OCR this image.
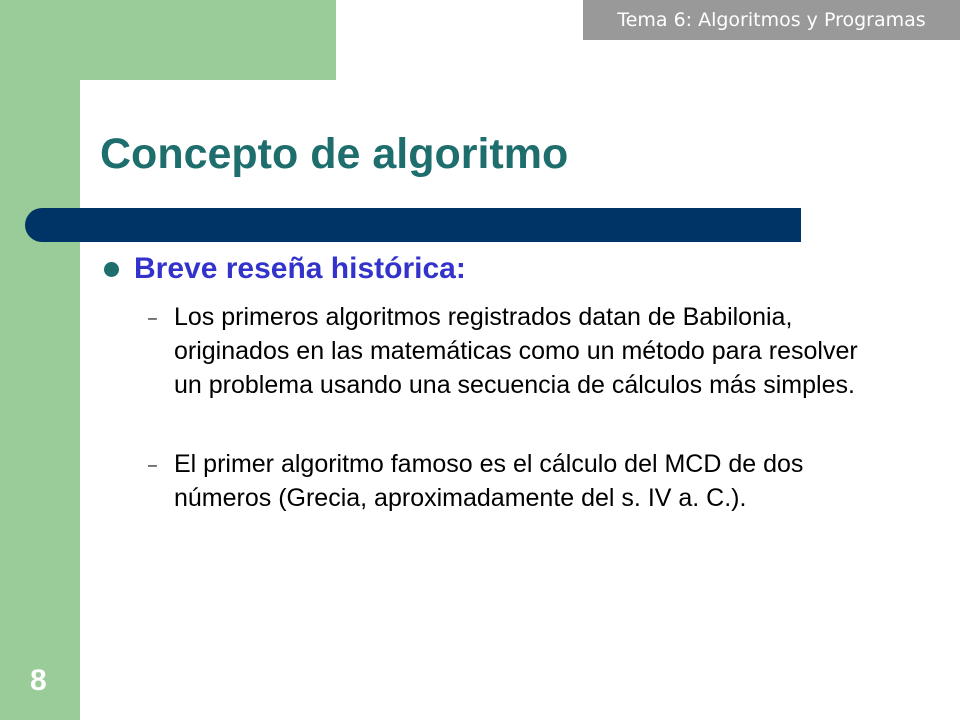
Tema 6: Algoritmos y Programas
Concepto de algoritmo
Breve reseña histórica:
– Los primeros algoritmos registrados datan de Babilonia, originados en las matemáticas como un método para resolver un problema usando una secuencia de cálculos más simples.
– El primer algoritmo famoso es el cálculo del MCD de dos números (Grecia, aproximadamente del s. IV a. C.).
8
